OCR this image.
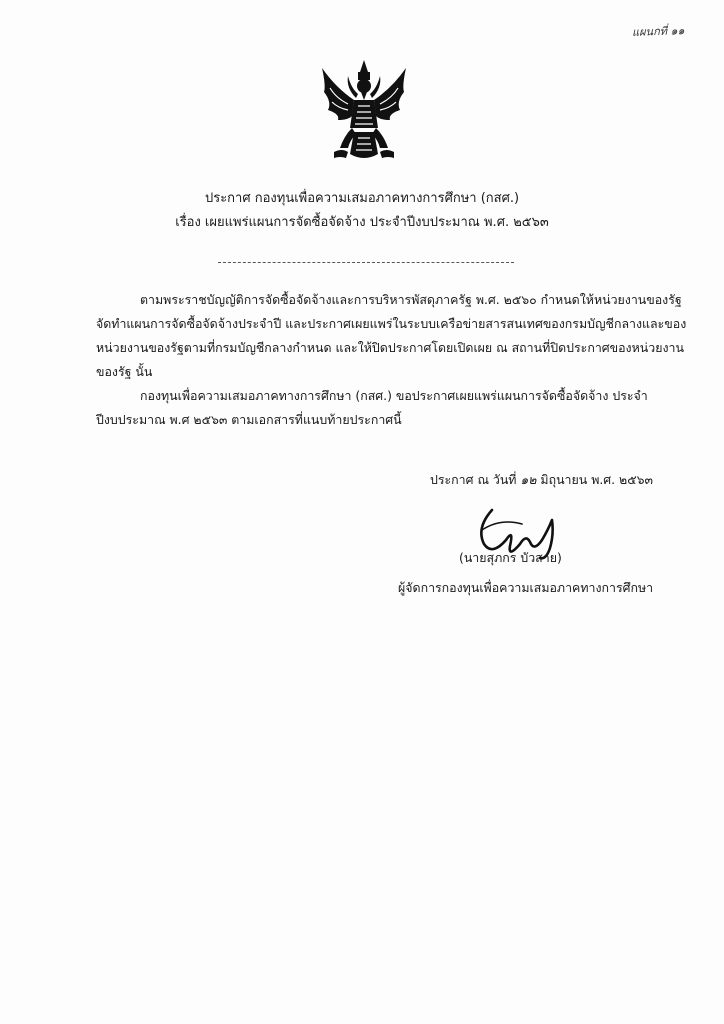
แผนกที่ ๑๑
ประกาศ กองทุนเพื่อความเสมอภาคทางการศึกษา (กสศ.)
เรื่อง เผยแพร่แผนการจัดซื้อจัดจ้าง ประจำปีงบประมาณ พ.ศ. ๒๕๖๓
ตามพระราชบัญญัติการจัดซื้อจัดจ้างและการบริหารพัสดุภาครัฐ พ.ศ. ๒๕๖๐ กำหนดให้หน่วยงานของรัฐ
จัดทำแผนการจัดซื้อจัดจ้างประจำปี และประกาศเผยแพร่ในระบบเครือข่ายสารสนเทศของกรมบัญชีกลางและของ
หน่วยงานของรัฐตามที่กรมบัญชีกลางกำหนด และให้ปิดประกาศโดยเปิดเผย ณ สถานที่ปิดประกาศของหน่วยงาน
ของรัฐ นั้น
กองทุนเพื่อความเสมอภาคทางการศึกษา (กสศ.) ขอประกาศเผยแพร่แผนการจัดซื้อจัดจ้าง ประจำ
ปีงบประมาณ พ.ศ ๒๕๖๓ ตามเอกสารที่แนบท้ายประกาศนี้
ประกาศ ณ วันที่ ๑๒ มิถุนายน พ.ศ. ๒๕๖๓
(นายสุภกร บัวสาย)
ผู้จัดการกองทุนเพื่อความเสมอภาคทางการศึกษา
